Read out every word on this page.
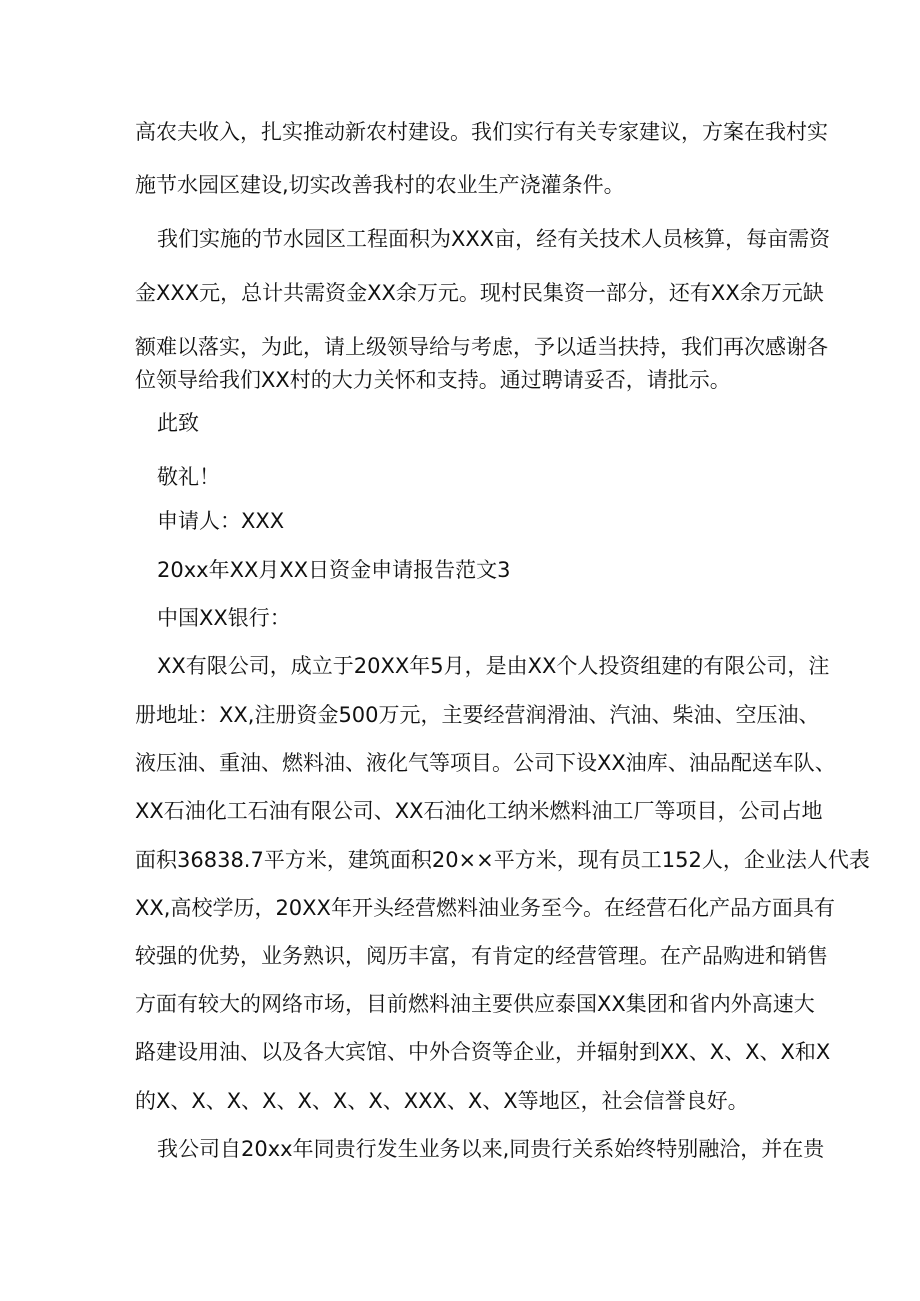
高农夫收入，扎实推动新农村建设。我们实行有关专家建议，方案在我村实
施节水园区建设,切实改善我村的农业生产浇灌条件。
我们实施的节水园区工程面积为XXX亩，经有关技术人员核算，每亩需资
金XXX元，总计共需资金XX余万元。现村民集资一部分，还有XX余万元缺
额难以落实，为此，请上级领导给与考虑，予以适当扶持，我们再次感谢各
位领导给我们XX村的大力关怀和支持。通过聘请妥否，请批示。
此致
敬礼！
申请人：XXX
20xx年XX月XX日资金申请报告范文3
中国XX银行：
XX有限公司，成立于20XX年5月，是由XX个人投资组建的有限公司，注
册地址：XX,注册资金500万元，主要经营润滑油、汽油、柴油、空压油、
液压油、重油、燃料油、液化气等项目。公司下设XX油库、油品配送车队、
XX石油化工石油有限公司、XX石油化工纳米燃料油工厂等项目，公司占地
面积36838.7平方米，建筑面积20××平方米，现有员工152人，企业法人代表
XX,高校学历，20XX年开头经营燃料油业务至今。在经营石化产品方面具有
较强的优势，业务熟识，阅历丰富，有肯定的经营管理。在产品购进和销售
方面有较大的网络市场，目前燃料油主要供应泰国XX集团和省内外高速大
路建设用油、以及各大宾馆、中外合资等企业，并辐射到XX、X、X、X和X
的X、X、X、X、X、X、X、XXX、X、X等地区，社会信誉良好。
我公司自20xx年同贵行发生业务以来,同贵行关系始终特别融洽，并在贵
